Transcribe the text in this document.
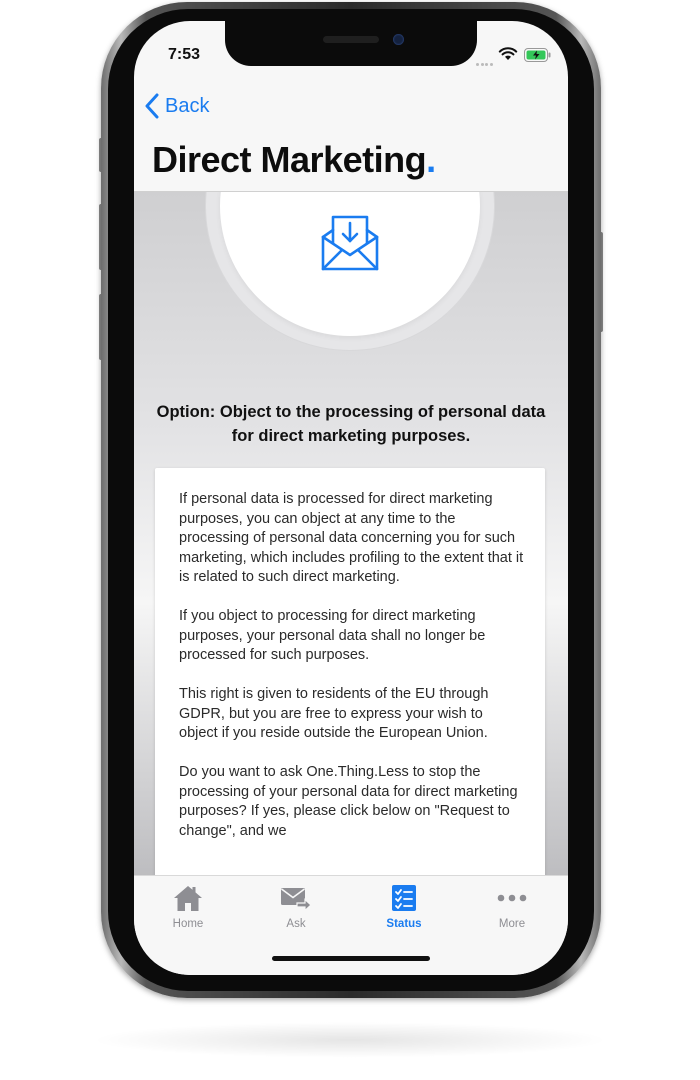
7:53
Back
Direct Marketing.
Option: Object to the processing of personal data for direct marketing purposes.

If personal data is processed for direct marketing purposes, you can object at any time to the processing of personal data concerning you for such marketing, which includes profiling to the extent that it is related to such direct marketing.

If you object to processing for direct marketing purposes, your personal data shall no longer be processed for such purposes.

This right is given to residents of the EU through GDPR, but you are free to express your wish to object if you reside outside the European Union.

Do you want to ask One.Thing.Less to stop the processing of your personal data for direct marketing purposes? If yes, please click below on "Request to change", and we

Home	Ask	Status	More
